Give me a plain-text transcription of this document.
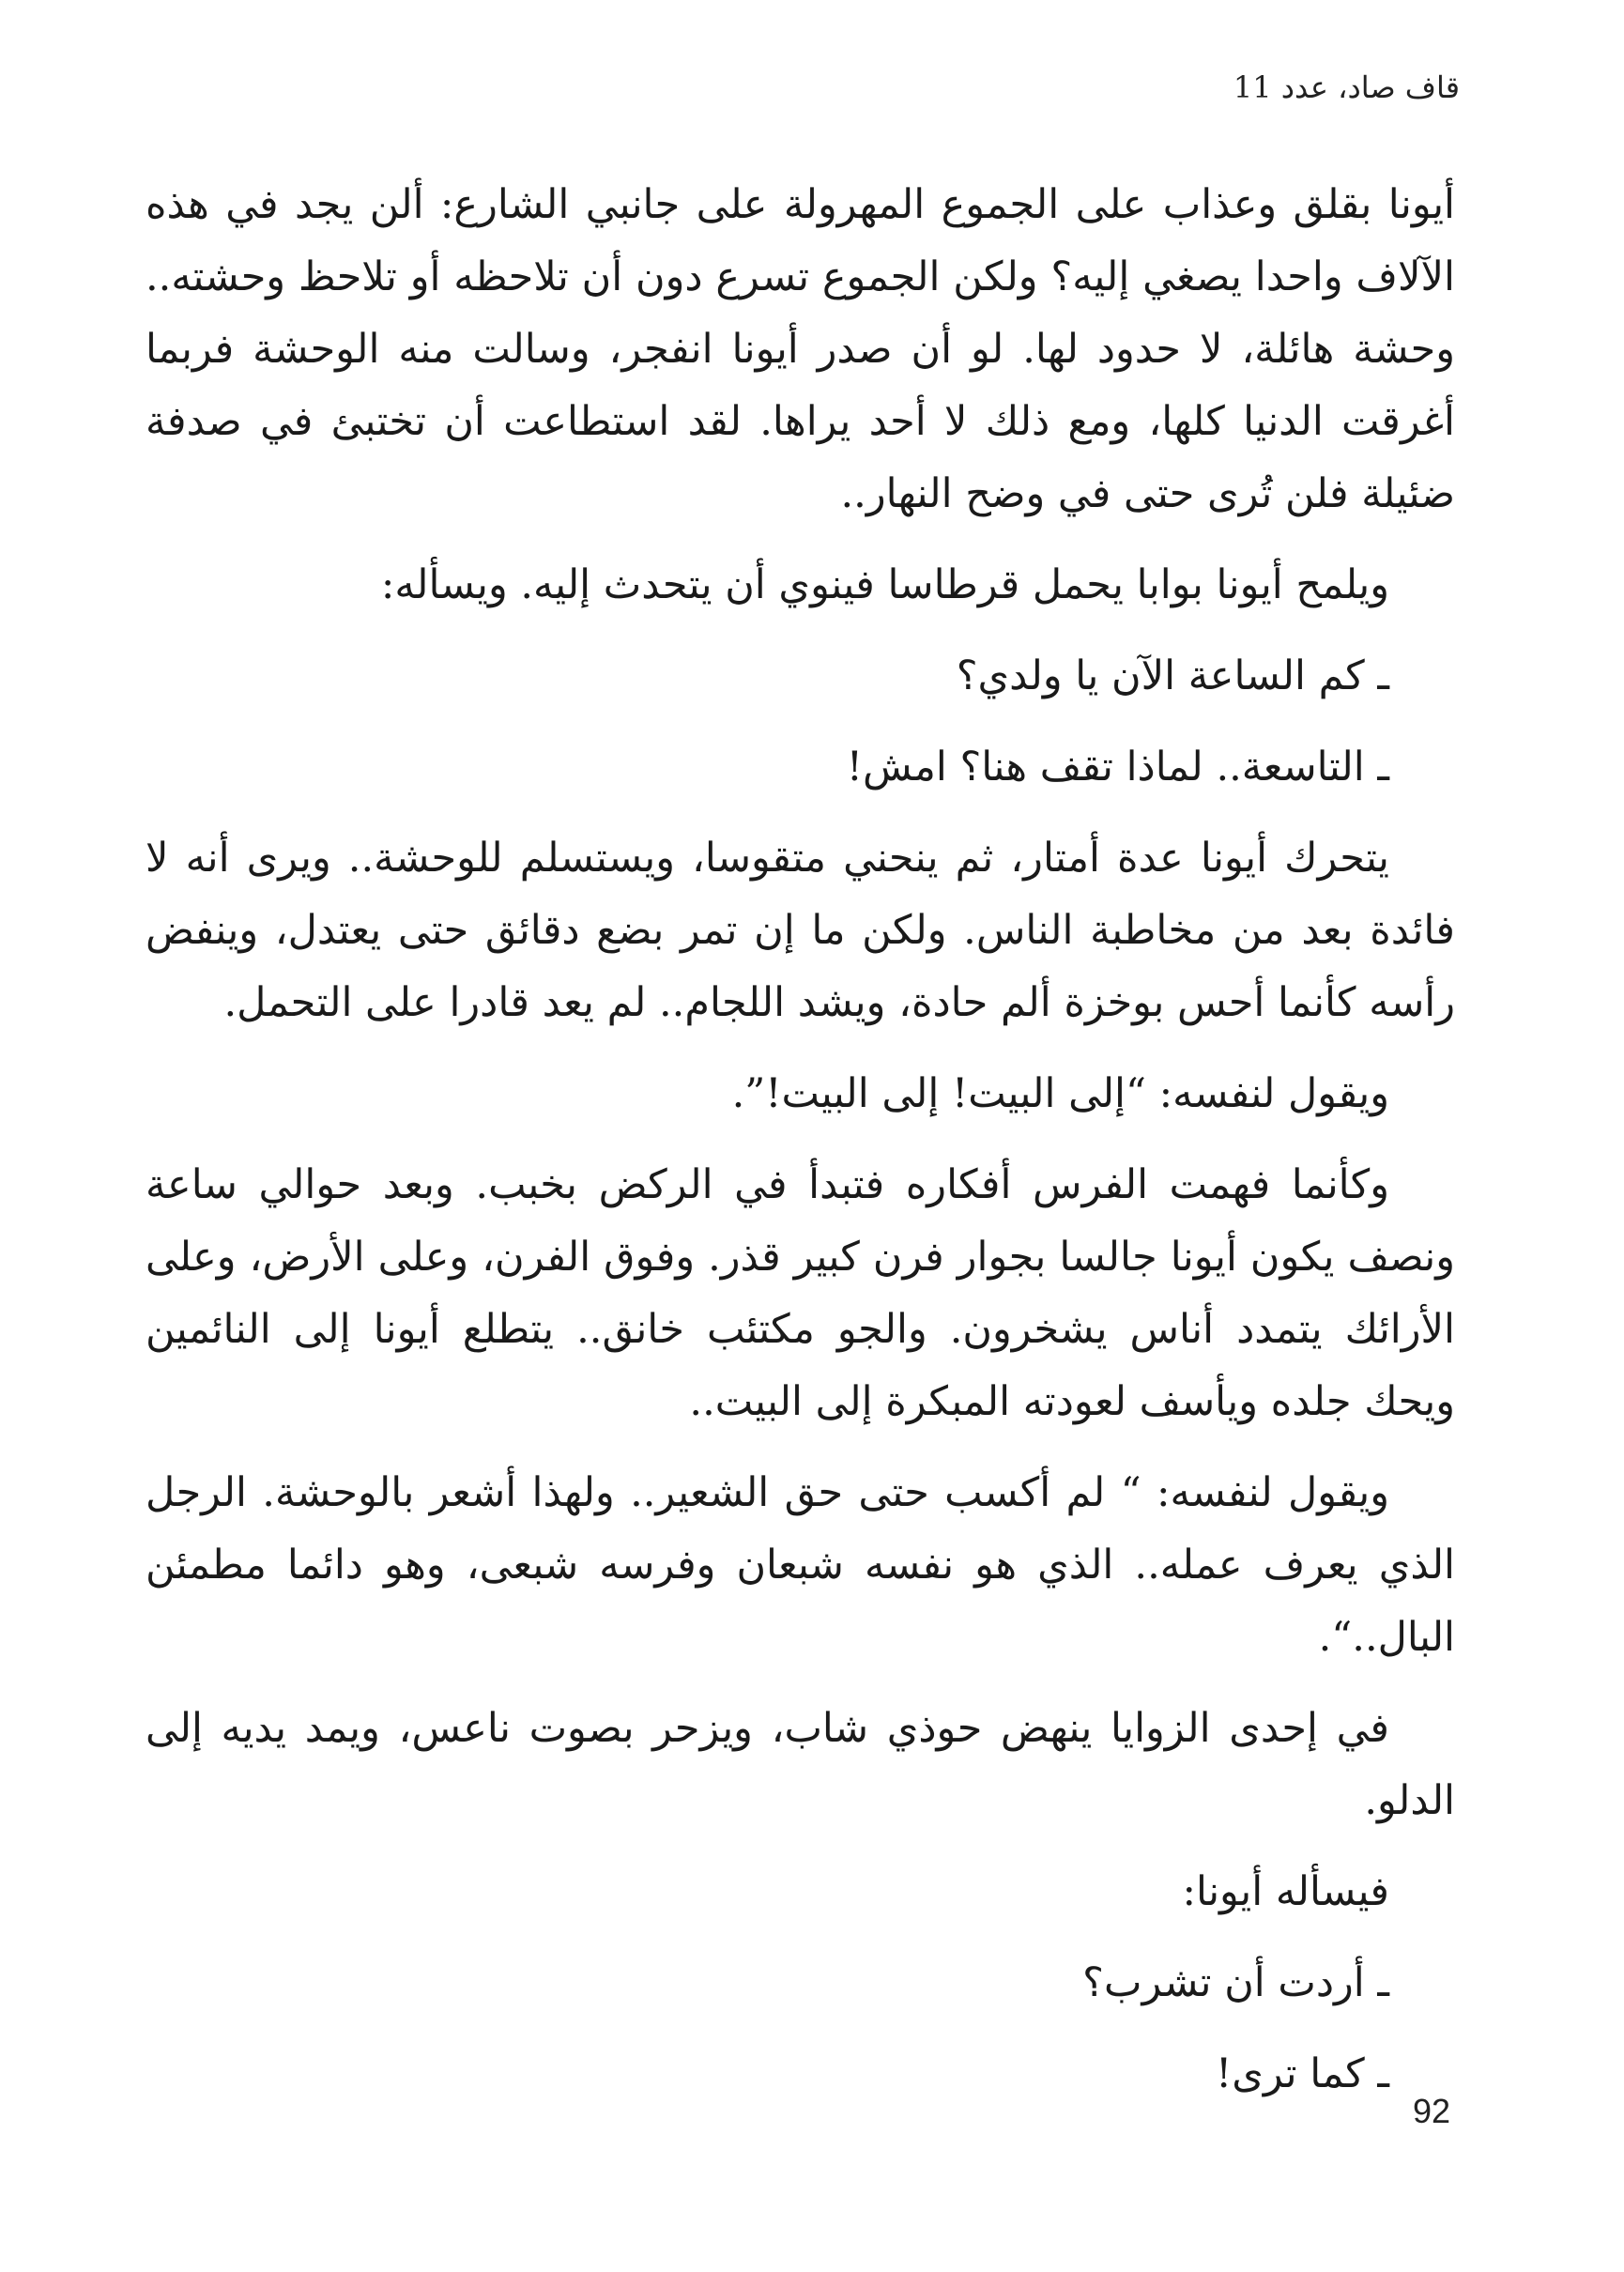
قاف صاد، عدد 11

أيونا بقلق وعذاب على الجموع المهرولة على جانبي الشارع: ألن يجد في هذه الآلاف واحدا يصغي إليه؟ ولكن الجموع تسرع دون أن تلاحظه أو تلاحظ وحشته.. وحشة هائلة، لا حدود لها. لو أن صدر أيونا انفجر، وسالت منه الوحشة فربما أغرقت الدنيا كلها، ومع ذلك لا أحد يراها. لقد استطاعت أن تختبئ في صدفة ضئيلة فلن تُرى حتى في وضح النهار..

ويلمح أيونا بوابا يحمل قرطاسا فينوي أن يتحدث إليه. ويسأله:

ـ كم الساعة الآن يا ولدي؟

ـ التاسعة.. لماذا تقف هنا؟ امش!

يتحرك أيونا عدة أمتار، ثم ينحني متقوسا، ويستسلم للوحشة.. ويرى أنه لا فائدة بعد من مخاطبة الناس. ولكن ما إن تمر بضع دقائق حتى يعتدل، وينفض رأسه كأنما أحس بوخزة ألم حادة، ويشد اللجام.. لم يعد قادرا على التحمل.

ويقول لنفسه: “إلى البيت! إلى البيت!”.

وكأنما فهمت الفرس أفكاره فتبدأ في الركض بخبب. وبعد حوالي ساعة ونصف يكون أيونا جالسا بجوار فرن كبير قذر. وفوق الفرن، وعلى الأرض، وعلى الأرائك يتمدد أناس يشخرون. والجو مكتئب خانق.. يتطلع أيونا إلى النائمين ويحك جلده ويأسف لعودته المبكرة إلى البيت..

ويقول لنفسه: “ لم أكسب حتى حق الشعير.. ولهذا أشعر بالوحشة. الرجل الذي يعرف عمله.. الذي هو نفسه شبعان وفرسه شبعى، وهو دائما مطمئن البال..“.

في إحدى الزوايا ينهض حوذي شاب، ويزحر بصوت ناعس، ويمد يديه إلى الدلو.

فيسأله أيونا:

ـ أردت أن تشرب؟

ـ كما ترى!

92
